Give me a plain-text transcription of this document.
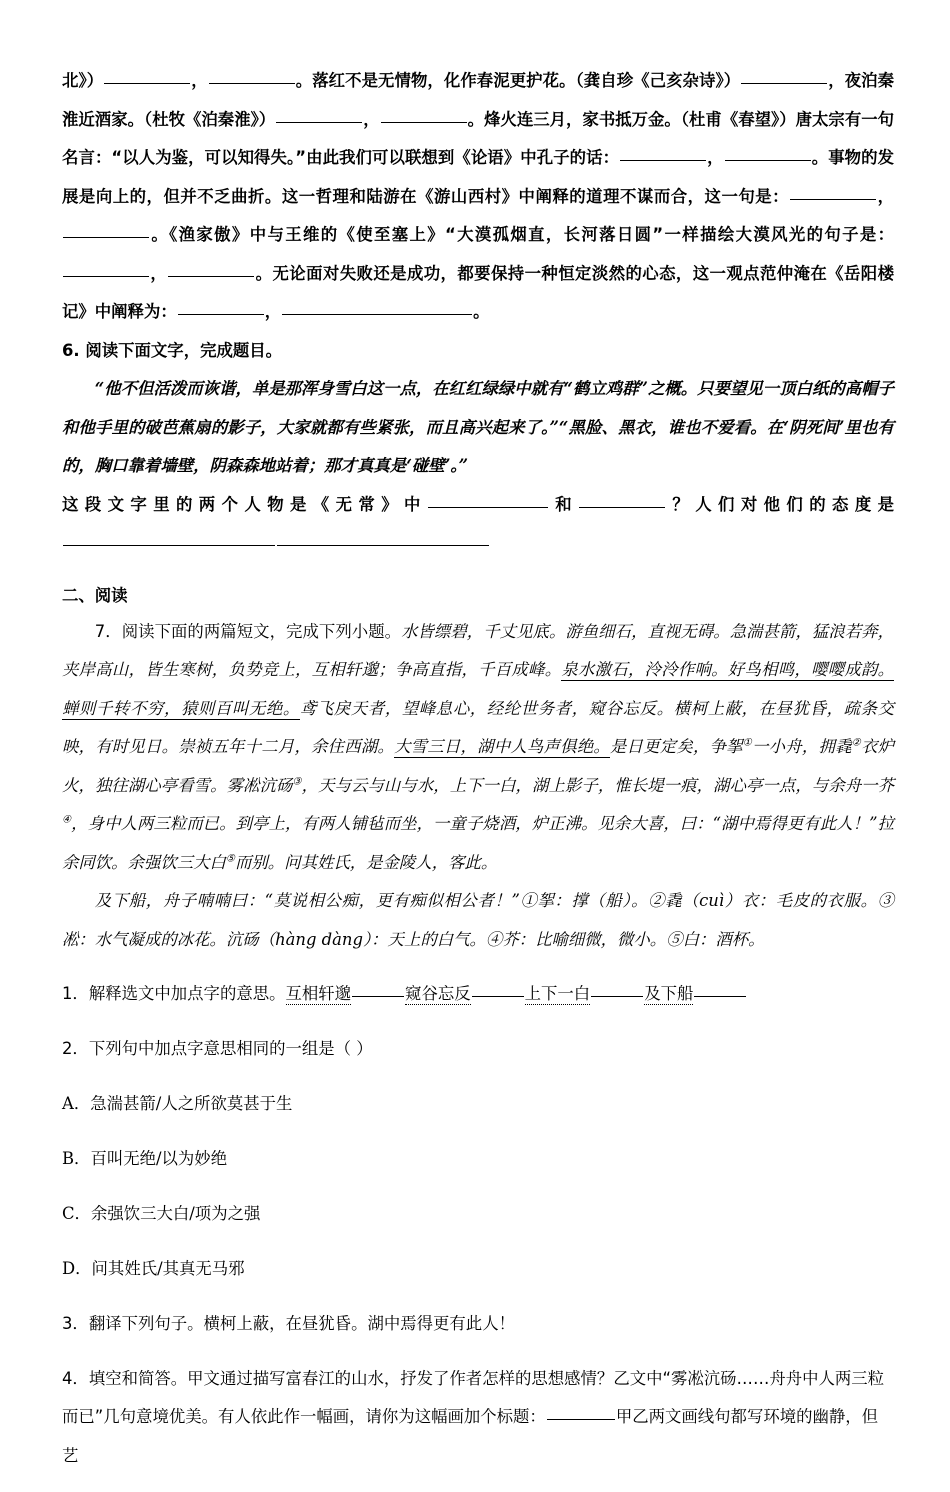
北》）	，	。落红不是无情物，化作春泥更护花。（龚自珍《己亥杂诗》）	，夜泊秦淮近酒家。（杜牧《泊秦淮》）	，	。烽火连三月，家书抵万金。（杜甫《春望》）唐太宗有一句名言：“以人为鉴，可以知得失。”由此我们可以联想到《论语》中孔子的话：	，	。事物的发展是向上的，但并不乏曲折。这一哲理和陆游在《游山西村》中阐释的道理不谋而合，这一句是：	，。《渔家傲》中与王维的《使至塞上》“大漠孤烟直，长河落日圆”一样描绘大漠风光的句子是：，	。无论面对失败还是成功，都要保持一种恒定淡然的心态，这一观点范仲淹在《岳阳楼记》中阐释为：	，	。

6. 阅读下面文字，完成题目。

“他不但活泼而诙谐，单是那浑身雪白这一点，在红红绿绿中就有“鹤立鸡群”之概。只要望见一顶白纸的高帽子和他手里的破芭蕉扇的影子，大家就都有些紧张，而且高兴起来了。”“黑脸、黑衣，谁也不爱看。在‘阴死间’里也有的，胸口靠着墙壁，阴森森地站着；那才真真是‘碰壁’。”

这段文字里的两个人物是《无常》中	和	？人们对他们的态度是

二、阅读

7．阅读下面的两篇短文，完成下列小题。水皆缥碧，千丈见底。游鱼细石，直视无碍。急湍甚箭，猛浪若奔，夹岸高山，皆生寒树，负势竞上，互相轩邈；争高直指，千百成峰。泉水激石，泠泠作响。好鸟相鸣，嘤嘤成韵。蝉则千转不穷，猿则百叫无绝。鸢飞戾天者，望峰息心，经纶世务者，窥谷忘反。横柯上蔽，在昼犹昏，疏条交映，有时见日。崇祯五年十二月，余住西湖。大雪三日，湖中人鸟声俱绝。是日更定矣，争挐①一小舟，拥毳②衣炉火，独往湖心亭看雪。雾凇沆砀③，天与云与山与水，上下一白，湖上影子，惟长堤一痕，湖心亭一点，与余舟一芥④，身中人两三粒而已。到亭上，有两人铺毡而坐，一童子烧酒，炉正沸。见余大喜，曰：“湖中焉得更有此人！”拉余同饮。余强饮三大白⑤而别。问其姓氏，是金陵人，客此。

及下船，舟子喃喃曰：“莫说相公痴，更有痴似相公者！”①挐：撑（船）。②毳（cuì）衣：毛皮的衣服。③凇：水气凝成的冰花。沆砀（hàng dàng）：天上的白气。④芥：比喻细微，微小。⑤白：酒杯。

1．解释选文中加点字的意思。互相轩邈	窥谷忘反	上下一白	及下船

2．下列句中加点字意思相同的一组是（ ）

A．急湍甚箭/人之所欲莫甚于生

B．百叫无绝/以为妙绝

C．余强饮三大白/项为之强

D．问其姓氏/其真无马邪

3．翻译下列句子。横柯上蔽，在昼犹昏。湖中焉得更有此人！

4．填空和简答。甲文通过描写富春江的山水，抒发了作者怎样的思想感情？乙文中“雾凇沆砀……舟舟中人两三粒而已”几句意境优美。有人依此作一幅画，请你为这幅画加个标题：	甲乙两文画线句都写环境的幽静，但艺
